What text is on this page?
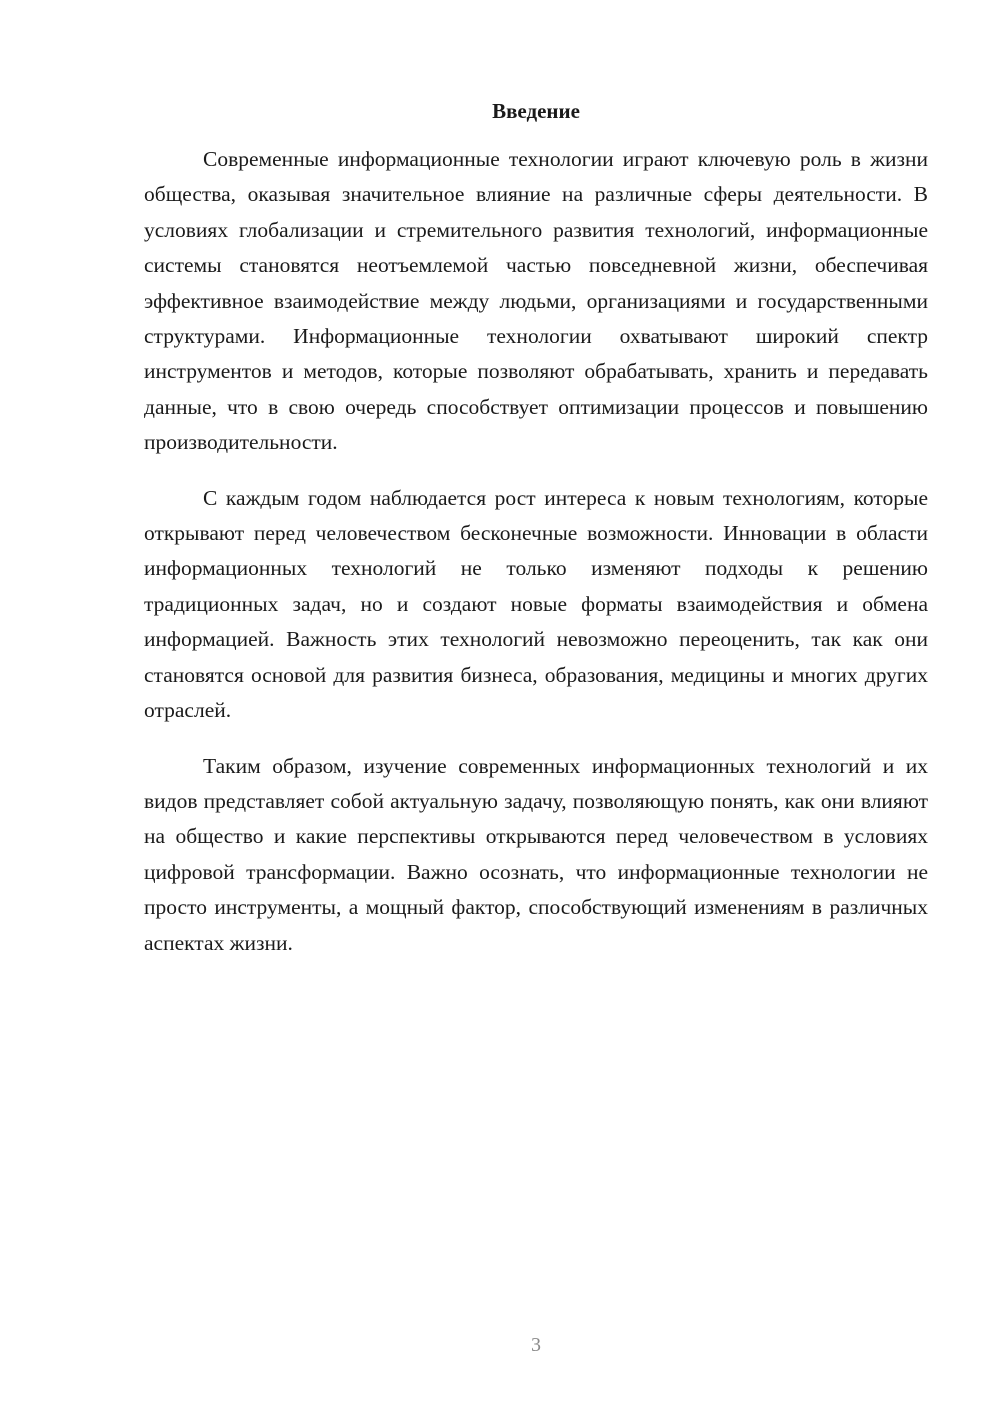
Введение

Современные информационные технологии играют ключевую роль в жизни общества, оказывая значительное влияние на различные сферы деятельности. В условиях глобализации и стремительного развития технологий, информационные системы становятся неотъемлемой частью повседневной жизни, обеспечивая эффективное взаимодействие между людьми, организациями и государственными структурами. Информационные технологии охватывают широкий спектр инструментов и методов, которые позволяют обрабатывать, хранить и передавать данные, что в свою очередь способствует оптимизации процессов и повышению производительности.

С каждым годом наблюдается рост интереса к новым технологиям, которые открывают перед человечеством бесконечные возможности. Инновации в области информационных технологий не только изменяют подходы к решению традиционных задач, но и создают новые форматы взаимодействия и обмена информацией. Важность этих технологий невозможно переоценить, так как они становятся основой для развития бизнеса, образования, медицины и многих других отраслей.

Таким образом, изучение современных информационных технологий и их видов представляет собой актуальную задачу, позволяющую понять, как они влияют на общество и какие перспективы открываются перед человечеством в условиях цифровой трансформации. Важно осознать, что информационные технологии не просто инструменты, а мощный фактор, способствующий изменениям в различных аспектах жизни.

3
